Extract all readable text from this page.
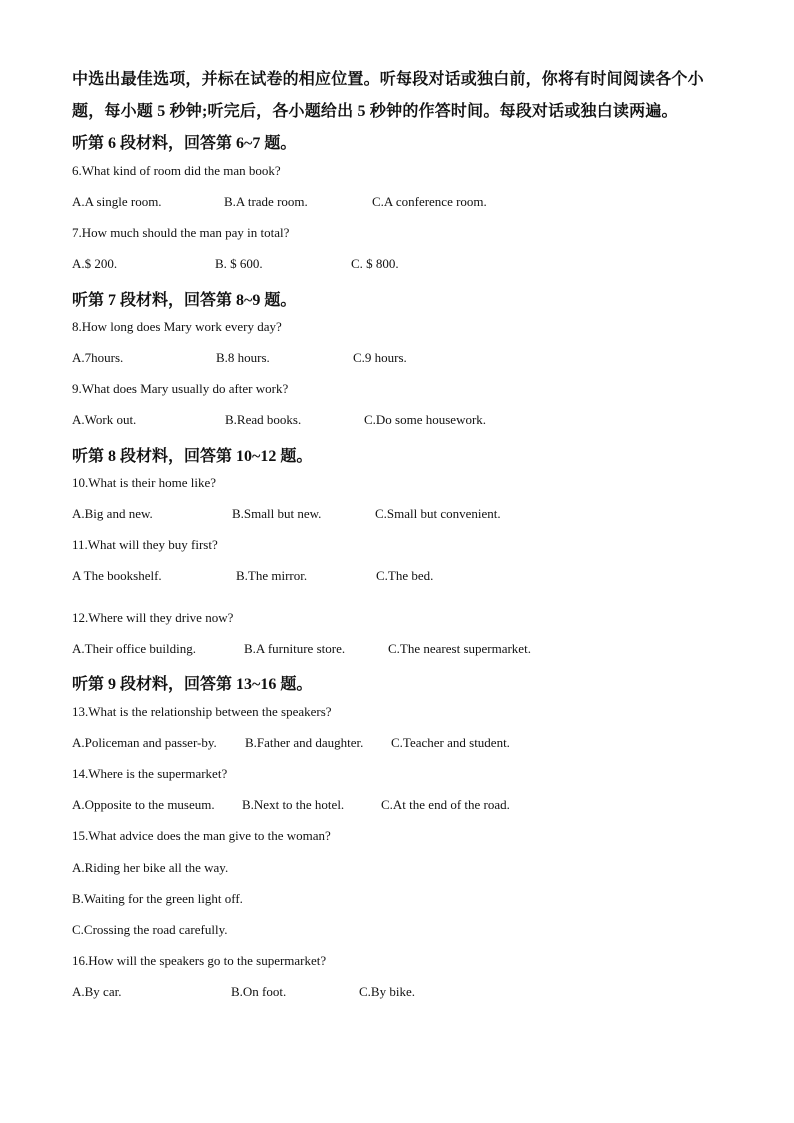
中选出最佳选项，并标在试卷的相应位置。听每段对话或独白前，你将有时间阅读各个小
题，每小题 5 秒钟;听完后，各小题给出 5 秒钟的作答时间。每段对话或独白读两遍。
听第 6 段材料，回答第 6~7 题。
6.What kind of room did the man book?
A.A single room.	B.A trade room.	C.A conference room.
7.How much should the man pay in total?
A.$ 200.	B. $ 600.	C. $ 800.
听第 7 段材料，回答第 8~9 题。
8.How long does Mary work every day?
A.7hours.	B.8 hours.	C.9 hours.
9.What does Mary usually do after work?
A.Work out.	B.Read books.	C.Do some housework.
听第 8 段材料，回答第 10~12 题。
10.What is their home like?
A.Big and new.	B.Small but new.	C.Small but convenient.
11.What will they buy first?
A The bookshelf.	B.The mirror.	C.The bed.
12.Where will they drive now?
A.Their office building.	B.A furniture store.	C.The nearest supermarket.
听第 9 段材料，回答第 13~16 题。
13.What is the relationship between the speakers?
A.Policeman and passer-by. B.Father and daughter. C.Teacher and student.
14.Where is the supermarket?
A.Opposite to the museum. B.Next to the hotel.	C.At the end of the road.
15.What advice does the man give to the woman?
A.Riding her bike all the way.
B.Waiting for the green light off.
C.Crossing the road carefully.
16.How will the speakers go to the supermarket?
A.By car.	B.On foot.	C.By bike.
